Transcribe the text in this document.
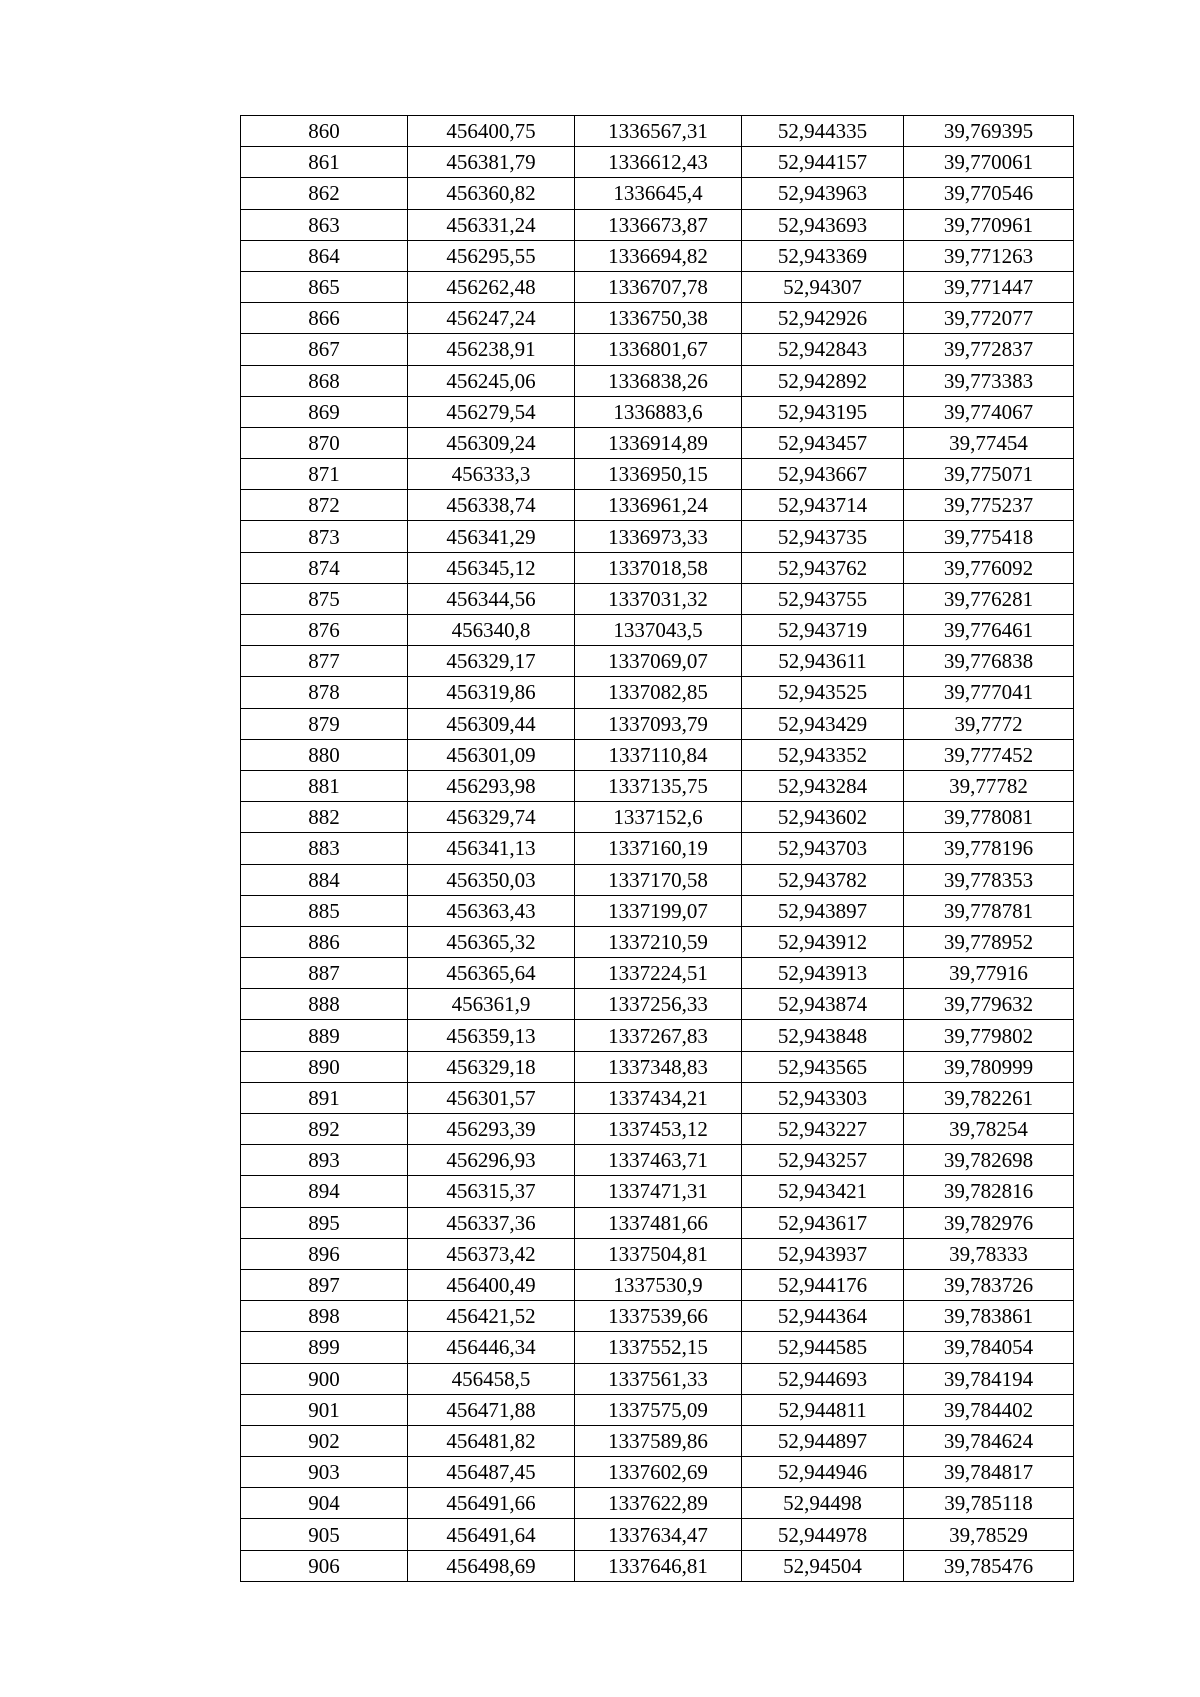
860	456400,75	1336567,31	52,944335	39,769395
861	456381,79	1336612,43	52,944157	39,770061
862	456360,82	1336645,4	52,943963	39,770546
863	456331,24	1336673,87	52,943693	39,770961
864	456295,55	1336694,82	52,943369	39,771263
865	456262,48	1336707,78	52,94307	39,771447
866	456247,24	1336750,38	52,942926	39,772077
867	456238,91	1336801,67	52,942843	39,772837
868	456245,06	1336838,26	52,942892	39,773383
869	456279,54	1336883,6	52,943195	39,774067
870	456309,24	1336914,89	52,943457	39,77454
871	456333,3	1336950,15	52,943667	39,775071
872	456338,74	1336961,24	52,943714	39,775237
873	456341,29	1336973,33	52,943735	39,775418
874	456345,12	1337018,58	52,943762	39,776092
875	456344,56	1337031,32	52,943755	39,776281
876	456340,8	1337043,5	52,943719	39,776461
877	456329,17	1337069,07	52,943611	39,776838
878	456319,86	1337082,85	52,943525	39,777041
879	456309,44	1337093,79	52,943429	39,7772
880	456301,09	1337110,84	52,943352	39,777452
881	456293,98	1337135,75	52,943284	39,77782
882	456329,74	1337152,6	52,943602	39,778081
883	456341,13	1337160,19	52,943703	39,778196
884	456350,03	1337170,58	52,943782	39,778353
885	456363,43	1337199,07	52,943897	39,778781
886	456365,32	1337210,59	52,943912	39,778952
887	456365,64	1337224,51	52,943913	39,77916
888	456361,9	1337256,33	52,943874	39,779632
889	456359,13	1337267,83	52,943848	39,779802
890	456329,18	1337348,83	52,943565	39,780999
891	456301,57	1337434,21	52,943303	39,782261
892	456293,39	1337453,12	52,943227	39,78254
893	456296,93	1337463,71	52,943257	39,782698
894	456315,37	1337471,31	52,943421	39,782816
895	456337,36	1337481,66	52,943617	39,782976
896	456373,42	1337504,81	52,943937	39,78333
897	456400,49	1337530,9	52,944176	39,783726
898	456421,52	1337539,66	52,944364	39,783861
899	456446,34	1337552,15	52,944585	39,784054
900	456458,5	1337561,33	52,944693	39,784194
901	456471,88	1337575,09	52,944811	39,784402
902	456481,82	1337589,86	52,944897	39,784624
903	456487,45	1337602,69	52,944946	39,784817
904	456491,66	1337622,89	52,94498	39,785118
905	456491,64	1337634,47	52,944978	39,78529
906	456498,69	1337646,81	52,94504	39,785476
